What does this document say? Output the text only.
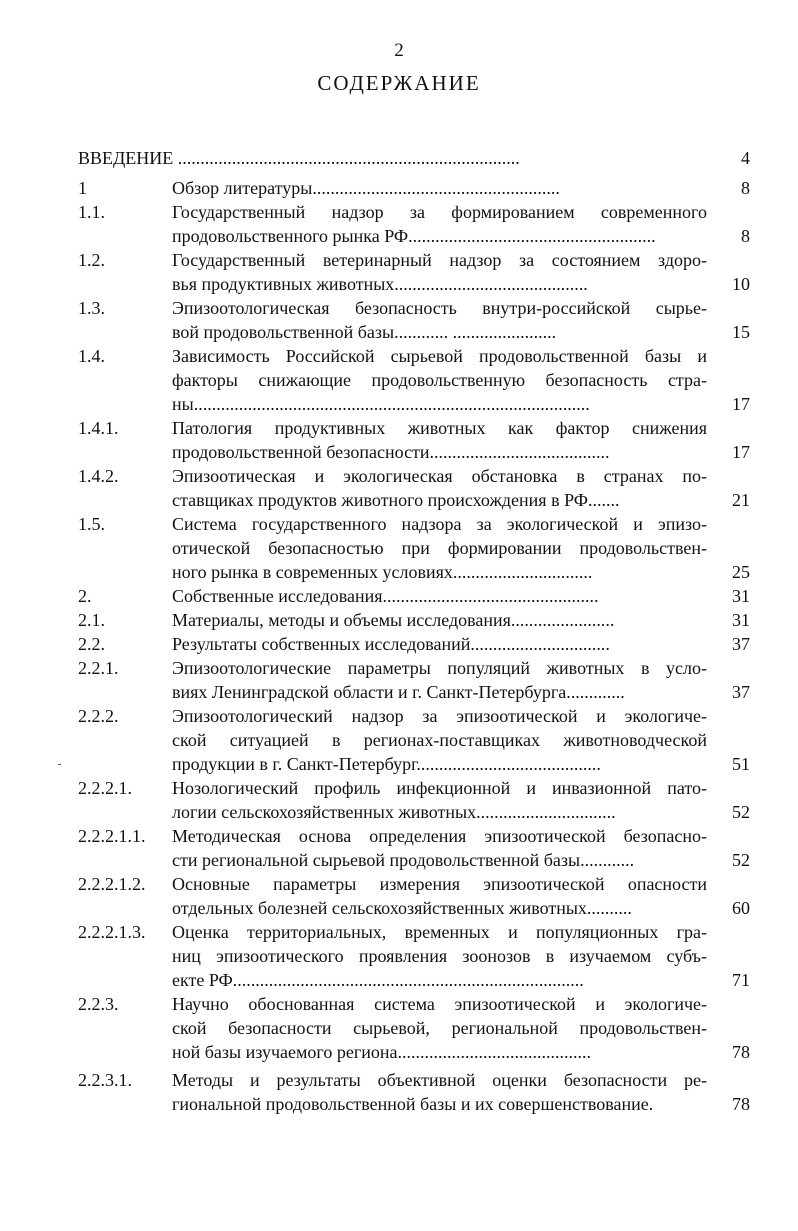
2
СОДЕРЖАНИЕ
ВВЕДЕНИЕ ............................................................................	4
1	Обзор литературы.......................................................	8
1.1.	Государственный надзор за формированием современного
продовольственного рынка РФ.......................................................	8
1.2.	Государственный ветеринарный надзор за состоянием здоро-
вья продуктивных животных...........................................	10
1.3.	Эпизоотологическая безопасность внутри-российской сырье-
вой продовольственной базы............ .......................	15
1.4.	Зависимость Российской сырьевой продовольственной базы и
факторы снижающие продовольственную безопасность стра-
ны........................................................................................	17
1.4.1.	Патология продуктивных животных как фактор снижения
продовольственной безопасности........................................	17
1.4.2.	Эпизоотическая и экологическая обстановка в странах по-
ставщиках продуктов животного происхождения в РФ.......	21
1.5.	Система государственного надзора за экологической и эпизо-
отической безопасностью при формировании продовольствен-
ного рынка в современных условиях...............................	25
2.	Собственные исследования................................................	31
2.1.	Материалы, методы и объемы исследования.......................	31
2.2.	Результаты собственных исследований...............................	37
2.2.1.	Эпизоотологические параметры популяций животных в усло-
виях Ленинградской области и г. Санкт-Петербурга.............	37
2.2.2.	Эпизоотологический надзор за эпизоотической и экологиче-
ской ситуацией в регионах-поставщиках животноводческой
продукции в г. Санкт-Петербург.........................................	51
2.2.2.1. Нозологический профиль инфекционной и инвазионной пато-
логии сельскохозяйственных животных...............................	52
2.2.2.1.1. Методическая основа определения эпизоотической безопасно-
сти региональной сырьевой продовольственной базы............	52
2.2.2.1.2. Основные параметры измерения эпизоотической опасности
отдельных болезней сельскохозяйственных животных..........	60
2.2.2.1.3. Оценка территориальных, временных и популяционных гра-
ниц эпизоотического проявления зоонозов в изучаемом субъ-
екте РФ..............................................................................	71
2.2.3.	Научно обоснованная система эпизоотической и экологиче-
ской безопасности сырьевой, региональной продовольствен-
ной базы изучаемого региона...........................................	78
2.2.3.1. Методы и результаты объективной оценки безопасности ре-
гиональной продовольственной базы и их совершенствование.	78
